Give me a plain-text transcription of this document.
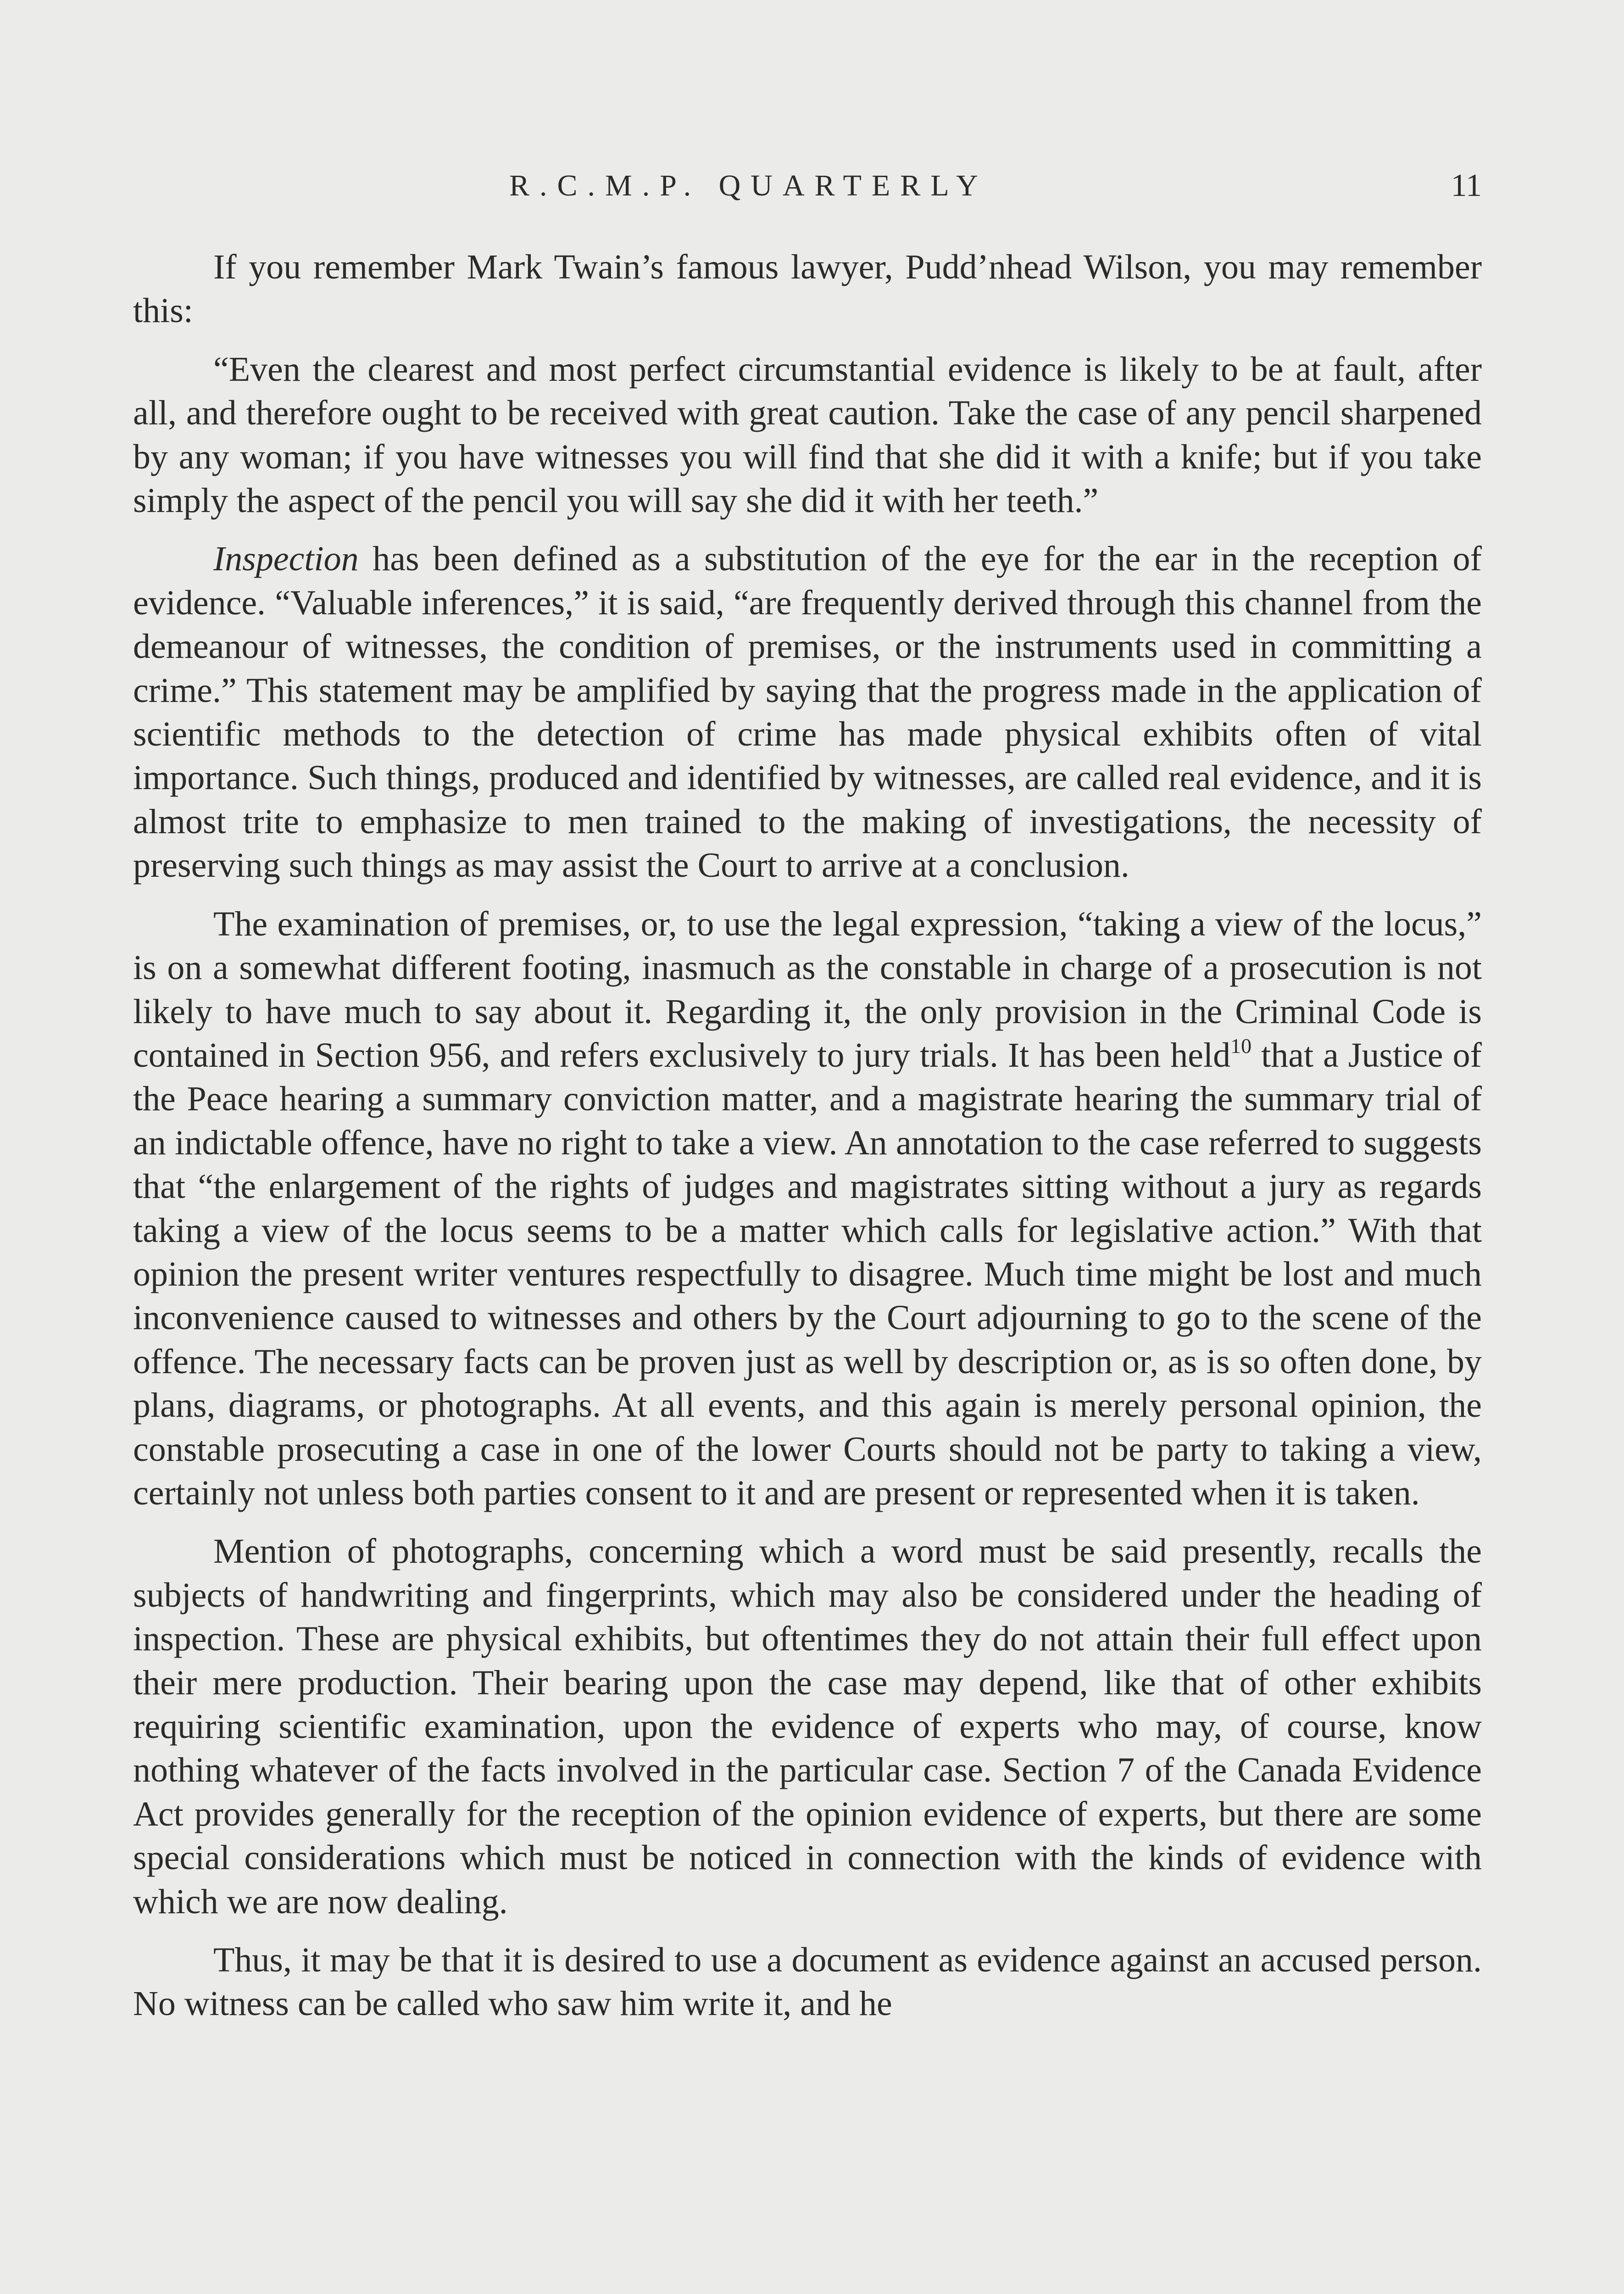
R.C.M.P. QUARTERLY	11

If you remember Mark Twain’s famous lawyer, Pudd’nhead Wilson, you may remember this:

“Even the clearest and most perfect circumstantial evidence is likely to be at fault, after all, and therefore ought to be received with great caution. Take the case of any pencil sharpened by any woman; if you have witnesses you will find that she did it with a knife; but if you take simply the aspect of the pencil you will say she did it with her teeth.”

Inspection has been defined as a substitution of the eye for the ear in the reception of evidence. “Valuable inferences,” it is said, “are frequently derived through this channel from the demeanour of witnesses, the condition of premises, or the instruments used in committing a crime.” This statement may be amplified by saying that the progress made in the application of scientific methods to the detection of crime has made physical exhibits often of vital importance. Such things, produced and identified by witnesses, are called real evidence, and it is almost trite to emphasize to men trained to the making of investigations, the necessity of preserving such things as may assist the Court to arrive at a conclusion.

The examination of premises, or, to use the legal expression, “taking a view of the locus,” is on a somewhat different footing, inasmuch as the constable in charge of a prosecution is not likely to have much to say about it. Regarding it, the only provision in the Criminal Code is contained in Section 956, and refers exclusively to jury trials. It has been held$^{10}$ that a Justice of the Peace hearing a summary conviction matter, and a magistrate hearing the summary trial of an indictable offence, have no right to take a view. An annotation to the case referred to suggests that “the enlargement of the rights of judges and magistrates sitting without a jury as regards taking a view of the locus seems to be a matter which calls for legislative action.” With that opinion the present writer ventures respectfully to disagree. Much time might be lost and much inconvenience caused to witnesses and others by the Court adjourning to go to the scene of the offence. The necessary facts can be proven just as well by description or, as is so often done, by plans, diagrams, or photographs. At all events, and this again is merely personal opinion, the constable prosecuting a case in one of the lower Courts should not be party to taking a view, certainly not unless both parties consent to it and are present or represented when it is taken.

Mention of photographs, concerning which a word must be said presently, recalls the subjects of handwriting and fingerprints, which may also be considered under the heading of inspection. These are physical exhibits, but oftentimes they do not attain their full effect upon their mere production. Their bearing upon the case may depend, like that of other exhibits requiring scientific examination, upon the evidence of experts who may, of course, know nothing whatever of the facts involved in the particular case. Section 7 of the Canada Evidence Act provides generally for the reception of the opinion evidence of experts, but there are some special considerations which must be noticed in connection with the kinds of evidence with which we are now dealing.

Thus, it may be that it is desired to use a document as evidence against an accused person. No witness can be called who saw him write it, and he
